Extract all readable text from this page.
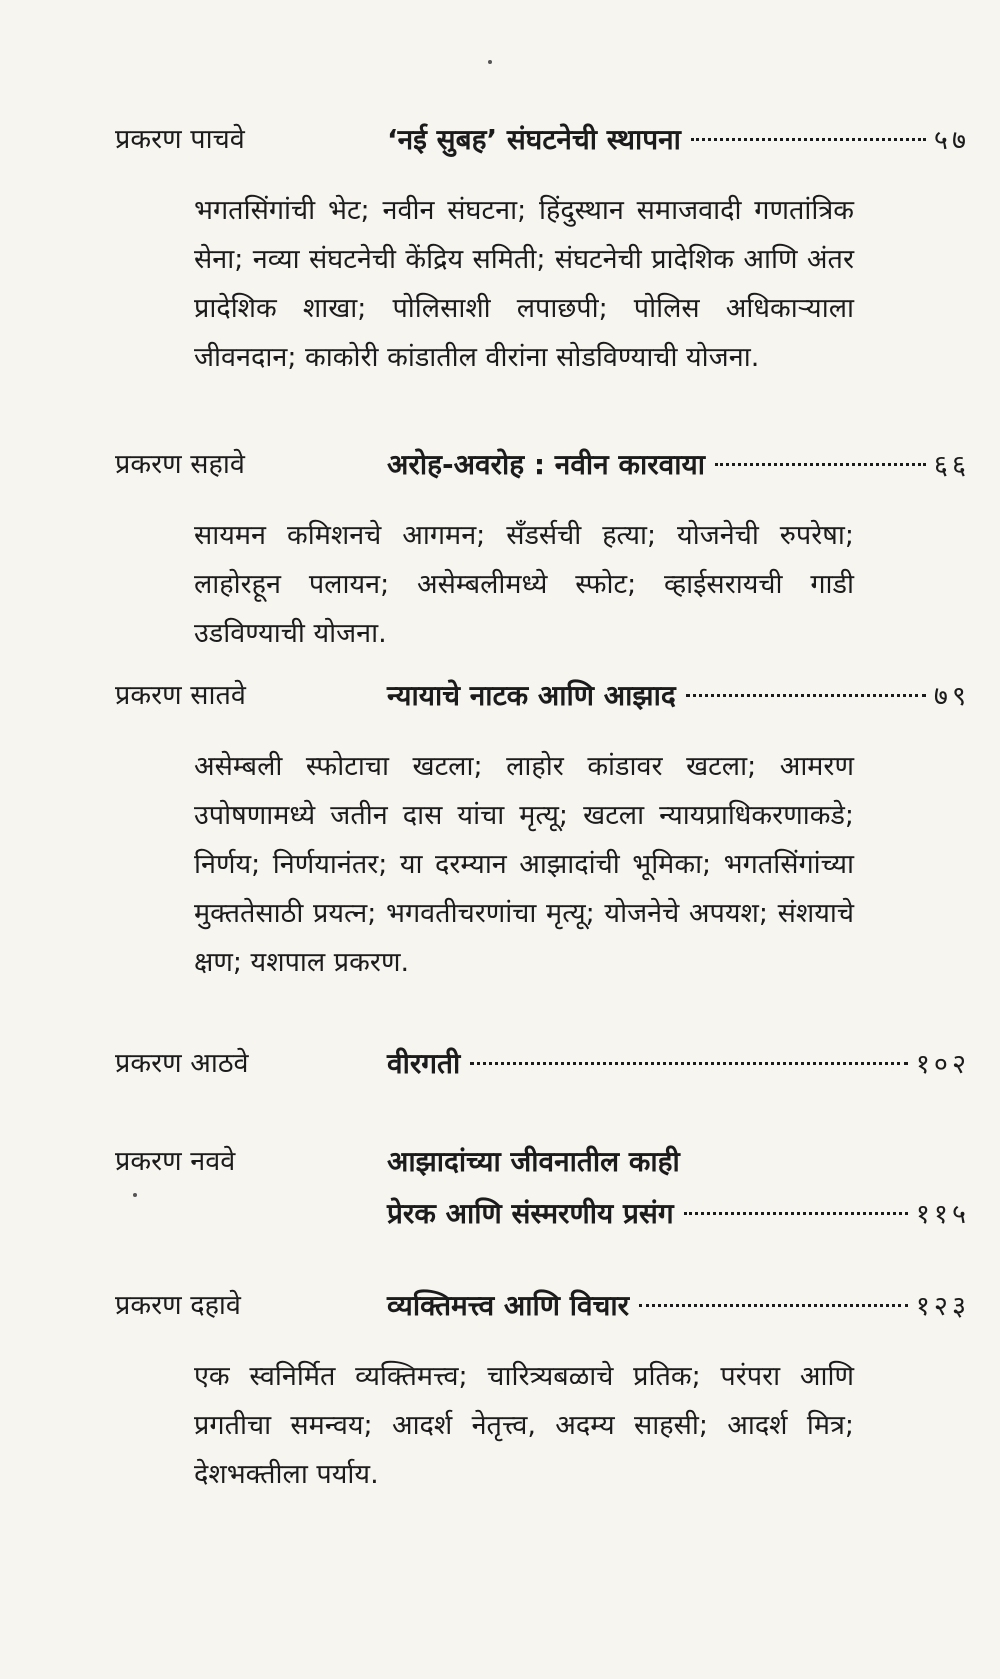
प्रकरण पाचवे	‘नई सुबह’ संघटनेची स्थापना	५७

भगतसिंगांची भेट; नवीन संघटना; हिंदुस्थान समाजवादी गणतांत्रिक सेना; नव्या संघटनेची केंद्रिय समिती; संघटनेची प्रादेशिक आणि अंतर प्रादेशिक शाखा; पोलिसाशी लपाछपी; पोलिस अधिकाऱ्याला जीवनदान; काकोरी कांडातील वीरांना सोडविण्याची योजना.

प्रकरण सहावे	अरोह-अवरोह : नवीन कारवाया	६६

सायमन कमिशनचे आगमन; सँडर्सची हत्या; योजनेची रुपरेषा; लाहोरहून पलायन; असेम्बलीमध्ये स्फोट; व्हाईसरायची गाडी उडविण्याची योजना.

प्रकरण सातवे	न्यायाचे नाटक आणि आझाद	७९

असेम्बली स्फोटाचा खटला; लाहोर कांडावर खटला; आमरण उपोषणामध्ये जतीन दास यांचा मृत्यू; खटला न्यायप्राधिकरणाकडे; निर्णय; निर्णयानंतर; या दरम्यान आझादांची भूमिका; भगतसिंगांच्या मुक्ततेसाठी प्रयत्न; भगवतीचरणांचा मृत्यू; योजनेचे अपयश; संशयाचे क्षण; यशपाल प्रकरण.

प्रकरण आठवे	वीरगती	१०२
प्रकरण नववे	आझादांच्या जीवनातील काही
प्रेरक आणि संस्मरणीय प्रसंग	११५
प्रकरण दहावे	व्यक्तिमत्त्व आणि विचार	१२३

एक स्वनिर्मित व्यक्तिमत्त्व; चारित्र्यबळाचे प्रतिक; परंपरा आणि प्रगतीचा समन्वय; आदर्श नेतृत्त्व, अदम्य साहसी; आदर्श मित्र; देशभक्तीला पर्याय.
